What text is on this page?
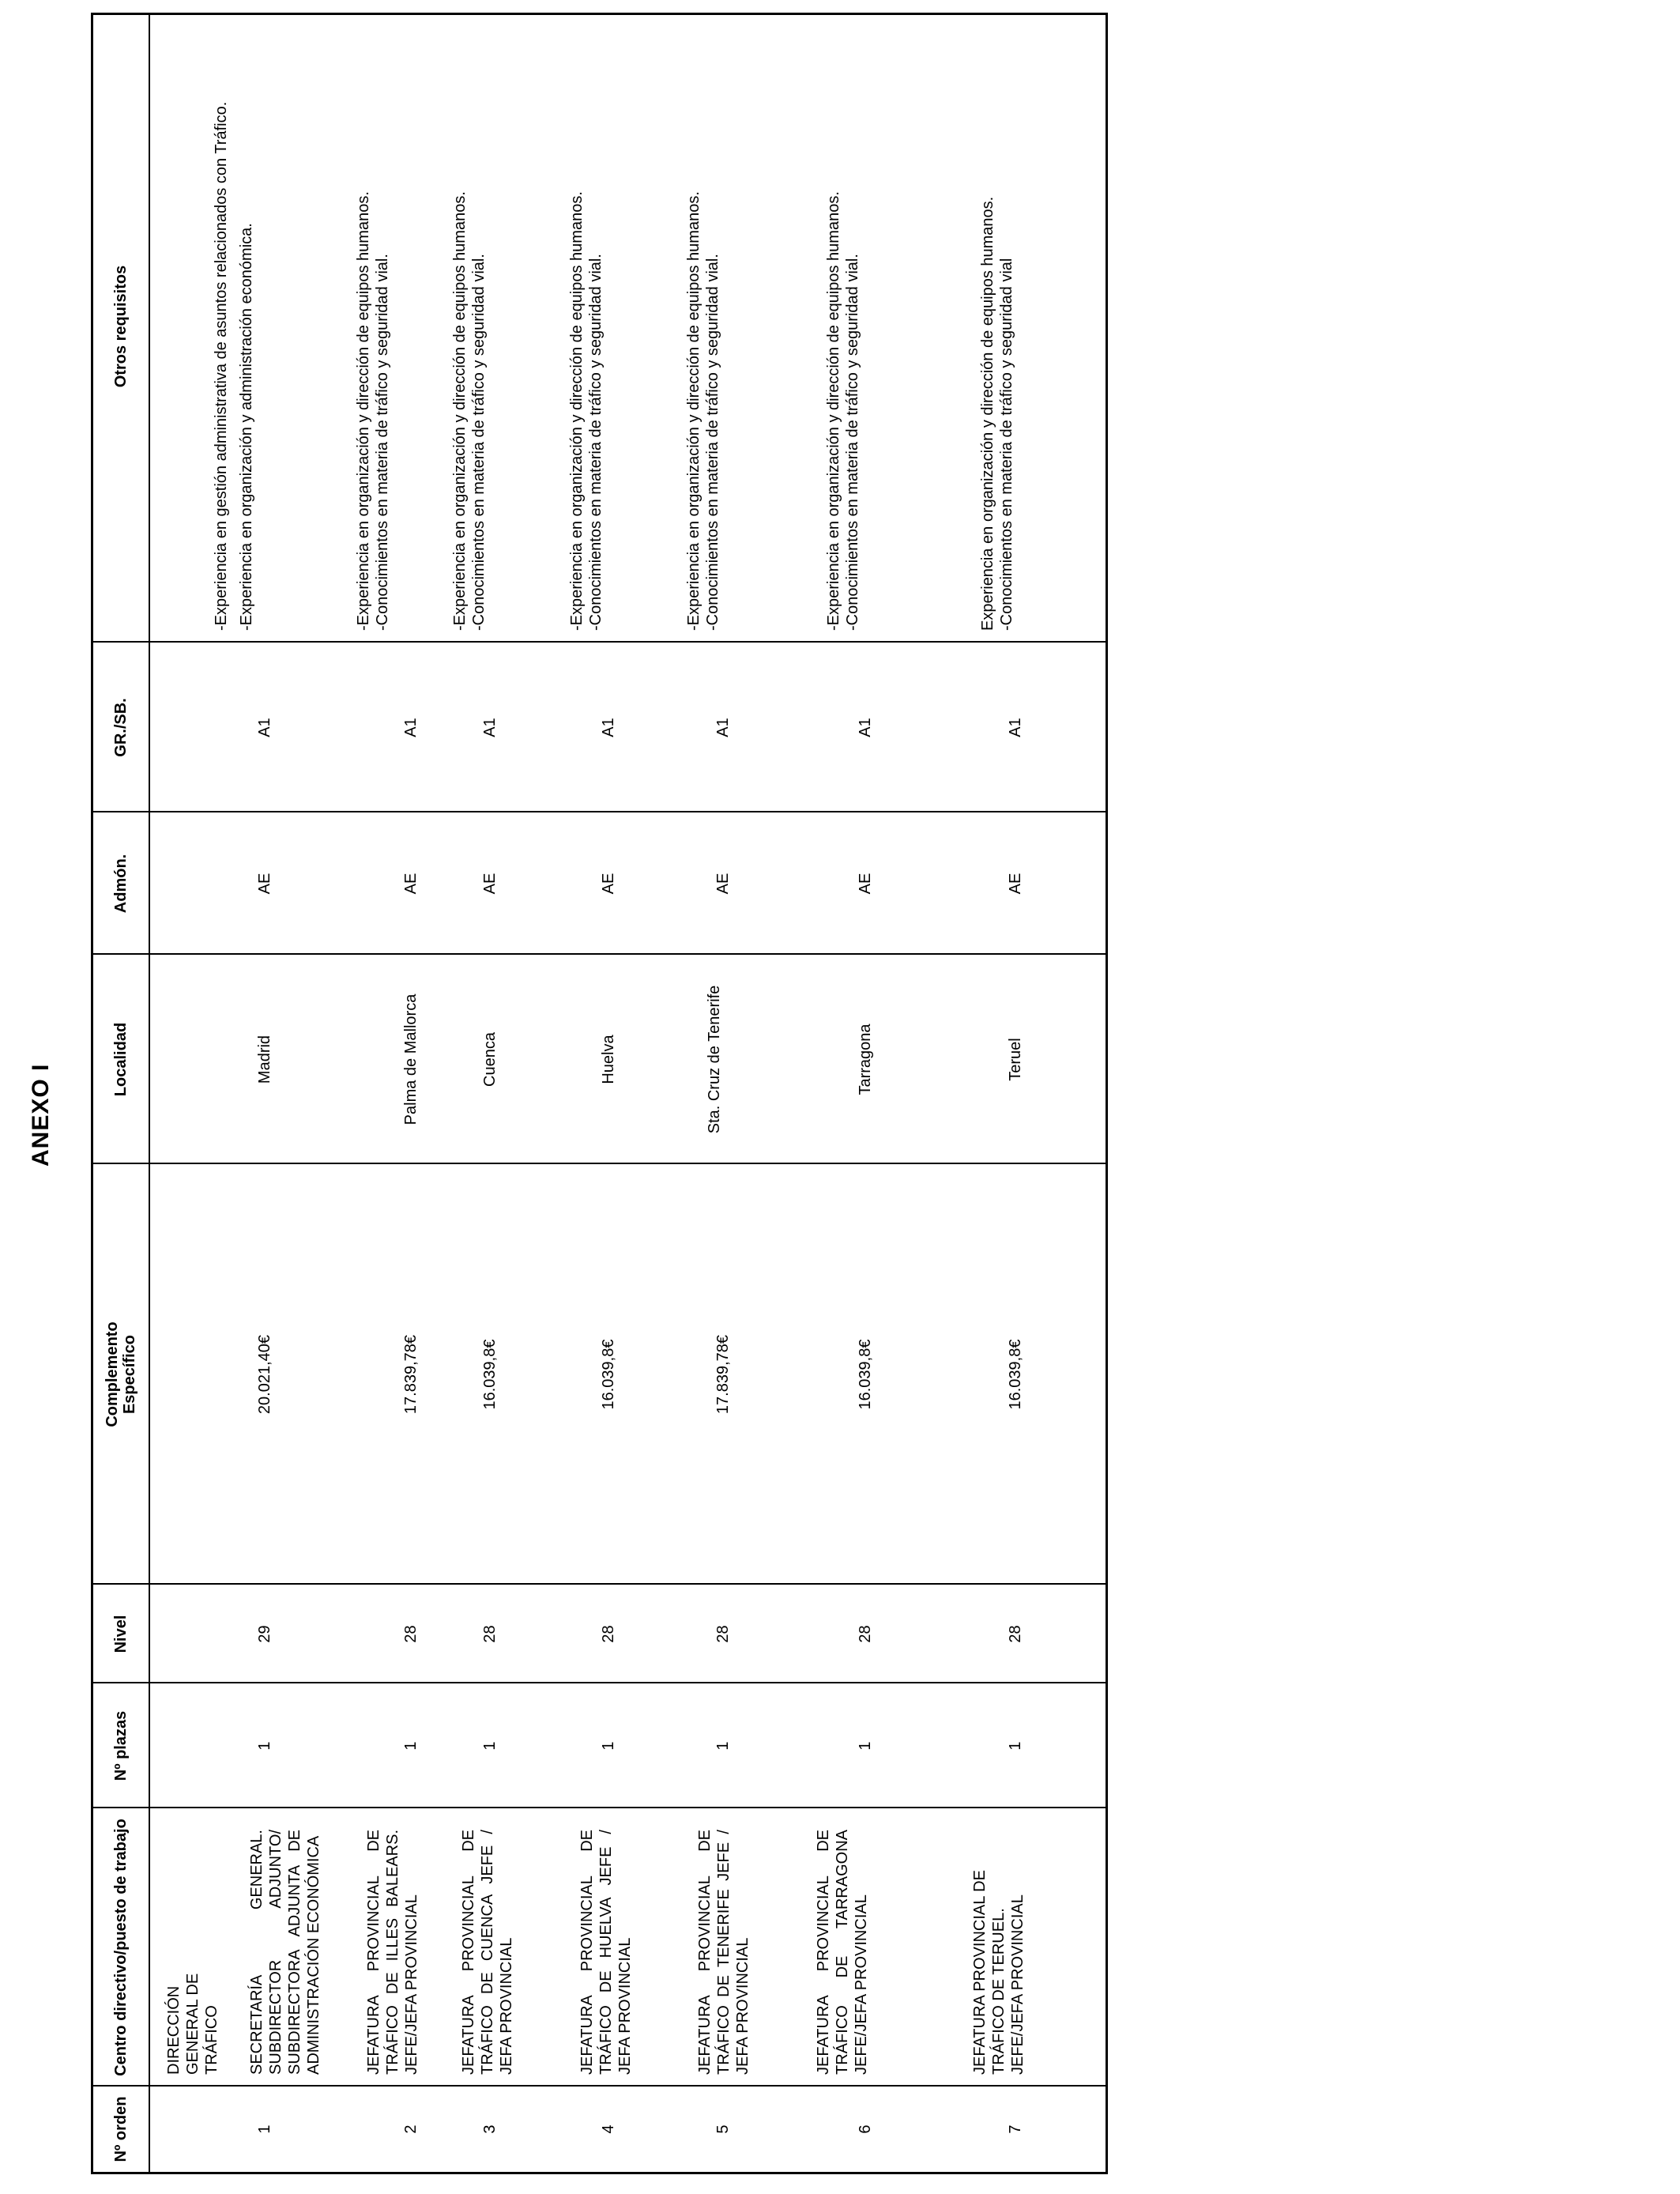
ANEXO I
Nº orden
Centro directivo/puesto de trabajo
Nº plazas
Nivel
Complemento Específico
Localidad
Admón.
GR./SB.
Otros requisitos
DIRECCIÓN GENERAL DE TRÁFICO
1
SECRETARÍA GENERAL. SUBDIRECTOR ADJUNTO/ SUBDIRECTORA ADJUNTA DE ADMINISTRACIÓN ECONÓMICA
1
29
20.021,40€
Madrid
AE
A1

-Experiencia en gestión administrativa de asuntos relacionados con Tráfico. -Experiencia en organización y administración económica.

2
JEFATURA PROVINCIAL DE TRÁFICO DE ILLES BALEARS. JEFE/JEFA PROVINCIAL
1
28
17.839,78€
Palma de Mallorca
AE
A1

-Experiencia en organización y dirección de equipos humanos. -Conocimientos en materia de tráfico y seguridad vial.

3
JEFATURA PROVINCIAL DE TRÁFICO DE CUENCA JEFE / JEFA PROVINCIAL
1
28
16.039,8€
Cuenca
AE
A1

-Experiencia en organización y dirección de equipos humanos. -Conocimientos en materia de tráfico y seguridad vial.

4
JEFATURA PROVINCIAL DE TRÁFICO DE HUELVA JEFE / JEFA PROVINCIAL
1
28
16.039,8€
Huelva
AE
A1

-Experiencia en organización y dirección de equipos humanos. -Conocimientos en materia de tráfico y seguridad vial.

5
JEFATURA PROVINCIAL DE TRÁFICO DE TENERIFE JEFE / JEFA PROVINCIAL
1
28
17.839,78€
Sta. Cruz de Tenerife
AE
A1

-Experiencia en organización y dirección de equipos humanos. -Conocimientos en materia de tráfico y seguridad vial.

6
JEFATURA PROVINCIAL DE TRÁFICO DE TARRAGONA JEFE/JEFA PROVINCIAL
1
28
16.039,8€
Tarragona
AE
A1

-Experiencia en organización y dirección de equipos humanos. -Conocimientos en materia de tráfico y seguridad vial.

7
JEFATURA PROVINCIAL DE TRÁFICO DE TERUEL. JEFE/JEFA PROVINCIAL
1
28
16.039,8€
Teruel
AE
A1

Experiencia en organización y dirección de equipos humanos. -Conocimientos en materia de tráfico y seguridad vial
